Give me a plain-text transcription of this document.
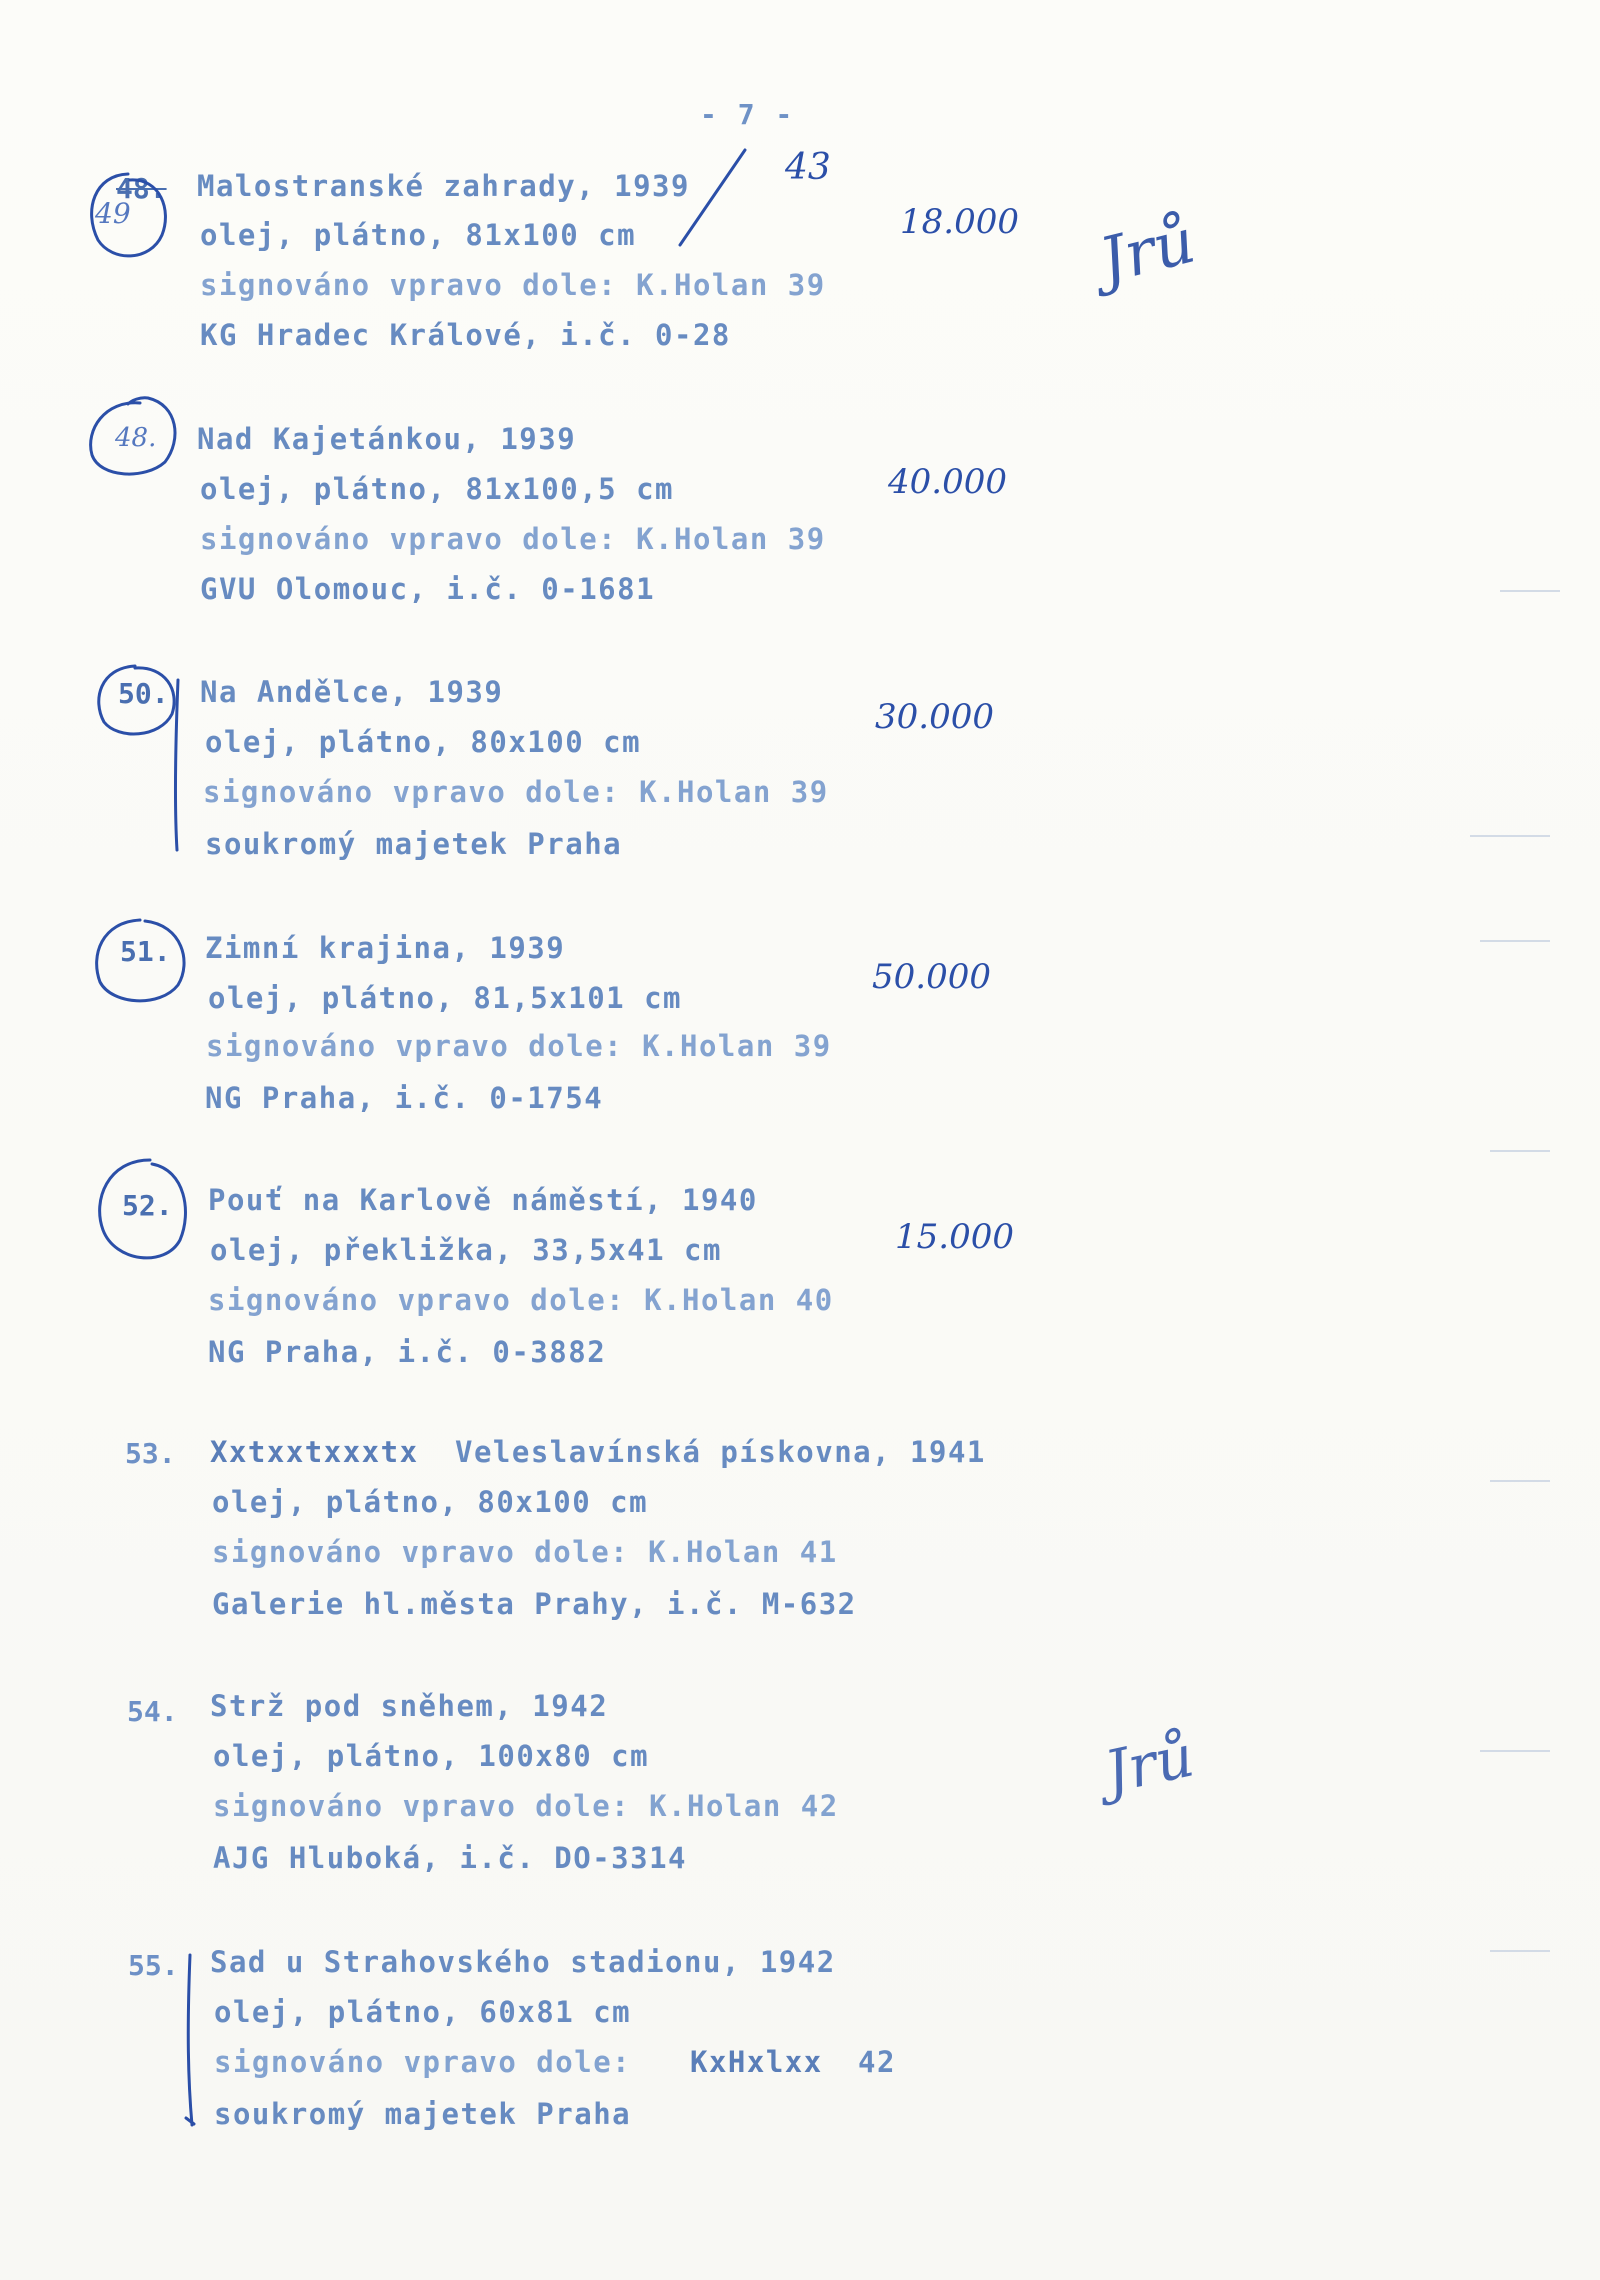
- 7 -
48.
49
Malostranské zahrady, 1939	43
olej, plátno, 81x100 cm
signováno vpravo dole: K.Holan 39
KG Hradec Králové, i.č. 0-28
18.000
48. Nad Kajetánkou, 1939
olej, plátno, 81x100,5 cm
signováno vpravo dole: K.Holan 39
GVU Olomouc, i.č. 0-1681
40.000
50. Na Andělce, 1939
olej, plátno, 80x100 cm
signováno vpravo dole: K.Holan 39
soukromý majetek Praha
30.000
51. Zimní krajina, 1939
olej, plátno, 81,5x101 cm
signováno vpravo dole: K.Holan 39
NG Praha, i.č. 0-1754
50.000
52. Pouť na Karlově náměstí, 1940
olej, překližka, 33,5x41 cm
signováno vpravo dole: K.Holan 40
NG Praha, i.č. 0-3882
15.000
53. Xxtxxtxxxtx Veleslavínská pískovna, 1941
olej, plátno, 80x100 cm
signováno vpravo dole: K.Holan 41
Galerie hl.města Prahy, i.č. M-632
54. Strž pod sněhem, 1942
olej, plátno, 100x80 cm
signováno vpravo dole: K.Holan 42
AJG Hluboká, i.č. DO-3314
55. Sad u Strahovského stadionu, 1942
olej, plátno, 60x81 cm
signováno vpravo dole: KxHxlxx 42
soukromý majetek Praha
Jrů
Jrů
